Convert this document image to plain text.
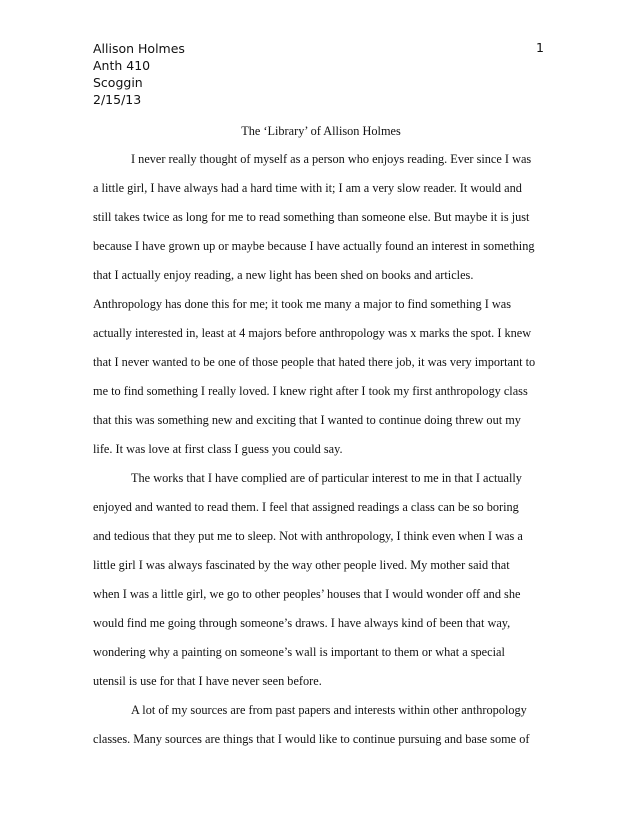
Allison Holmes
Anth 410
Scoggin
2/15/13
1
The ‘Library’ of Allison Holmes
I never really thought of myself as a person who enjoys reading. Ever since I was
a little girl, I have always had a hard time with it; I am a very slow reader. It would and
still takes twice as long for me to read something than someone else. But maybe it is just
because I have grown up or maybe because I have actually found an interest in something
that I actually enjoy reading, a new light has been shed on books and articles.
Anthropology has done this for me; it took me many a major to find something I was
actually interested in, least at 4 majors before anthropology was x marks the spot. I knew
that I never wanted to be one of those people that hated there job, it was very important to
me to find something I really loved. I knew right after I took my first anthropology class
that this was something new and exciting that I wanted to continue doing threw out my
life. It was love at first class I guess you could say.
The works that I have complied are of particular interest to me in that I actually
enjoyed and wanted to read them. I feel that assigned readings a class can be so boring
and tedious that they put me to sleep. Not with anthropology, I think even when I was a
little girl I was always fascinated by the way other people lived. My mother said that
when I was a little girl, we go to other peoples’ houses that I would wonder off and she
would find me going through someone’s draws. I have always kind of been that way,
wondering why a painting on someone’s wall is important to them or what a special
utensil is use for that I have never seen before.
A lot of my sources are from past papers and interests within other anthropology
classes. Many sources are things that I would like to continue pursuing and base some of
